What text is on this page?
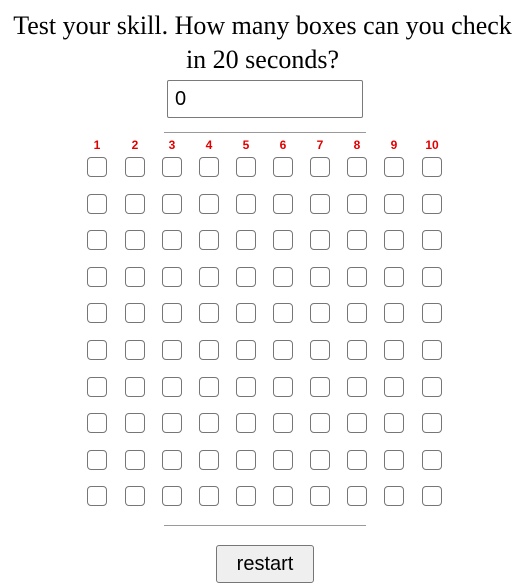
Test your skill. How many boxes can you check in 20 seconds?
0
1	2	3	4	5	6	7	8	9	10
restart
